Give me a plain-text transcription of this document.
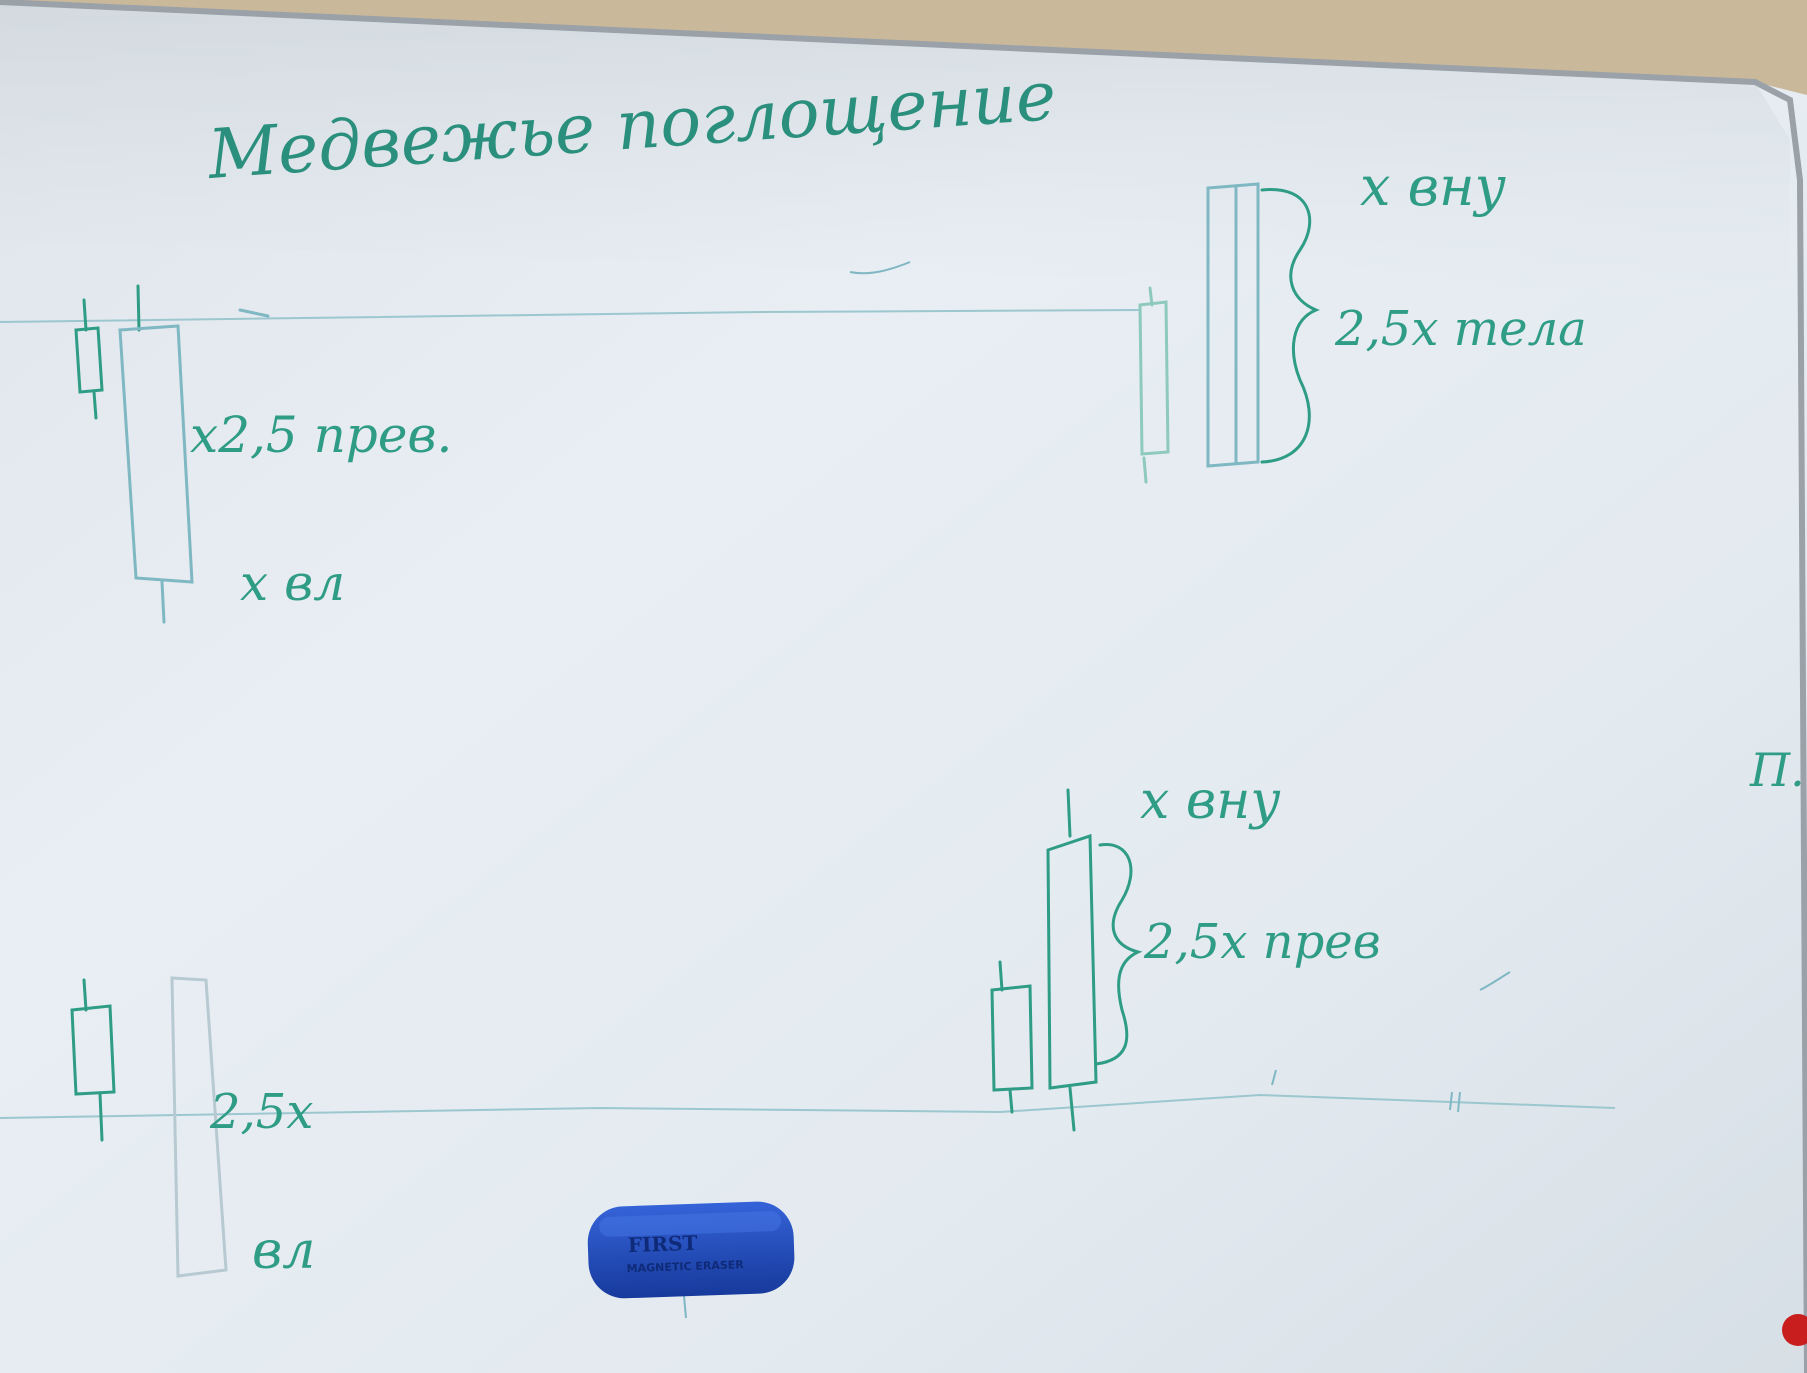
Медвежье поглощение
x2,5 прев.
x вл
x вну
2,5x тела
2,5x
вл
x вну
2,5x прев
П.
FIRST
MAGNETIC ERASER
